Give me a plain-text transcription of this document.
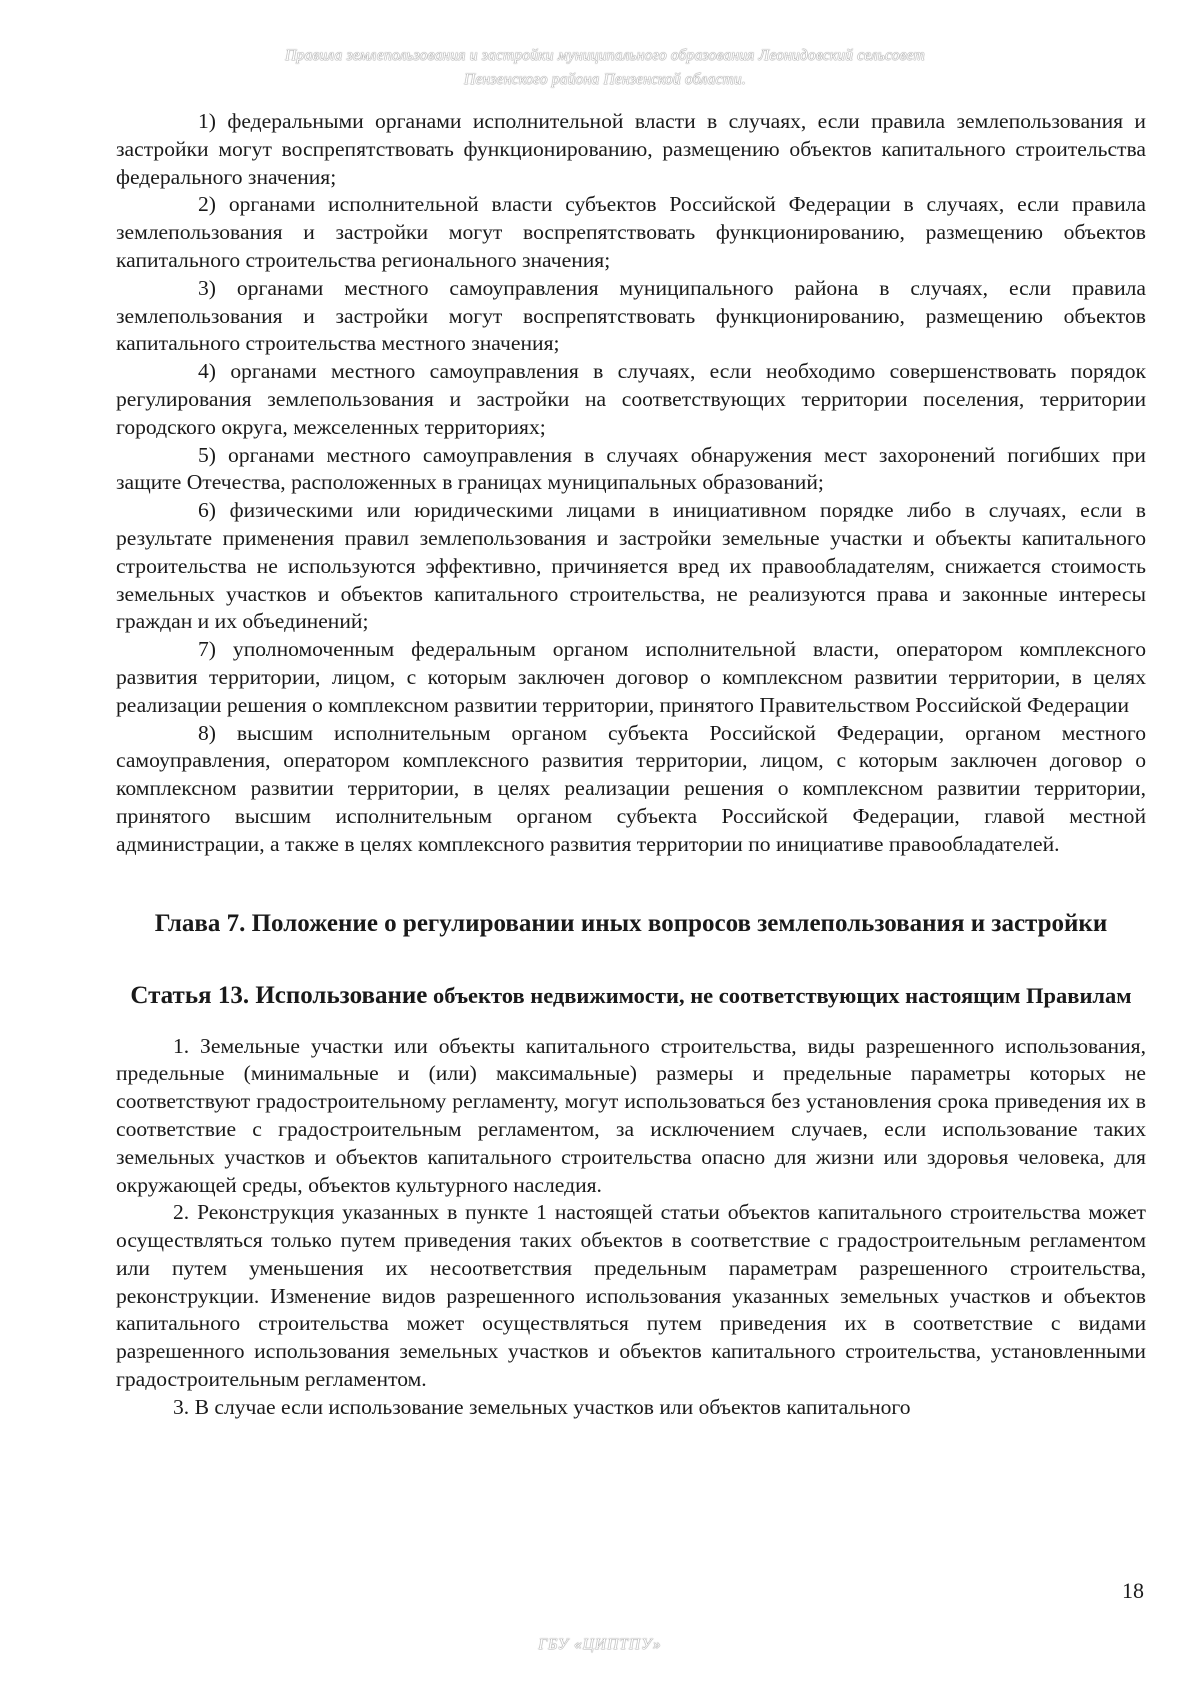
Правила землепользования и застройки муниципального образования Леонидовский сельсовет
Пензенского района Пензенской области.

1) федеральными органами исполнительной власти в случаях, если правила землепользования и застройки могут воспрепятствовать функционированию, размещению объектов капитального строительства федерального значения;

2) органами исполнительной власти субъектов Российской Федерации в случаях, если правила землепользования и застройки могут воспрепятствовать функционированию, размещению объектов капитального строительства регионального значения;

3) органами местного самоуправления муниципального района в случаях, если правила землепользования и застройки могут воспрепятствовать функционированию, размещению объектов капитального строительства местного значения;

4) органами местного самоуправления в случаях, если необходимо совершенствовать порядок регулирования землепользования и застройки на соответствующих территории поселения, территории городского округа, межселенных территориях;

5) органами местного самоуправления в случаях обнаружения мест захоронений погибших при защите Отечества, расположенных в границах муниципальных образований;

6) физическими или юридическими лицами в инициативном порядке либо в случаях, если в результате применения правил землепользования и застройки земельные участки и объекты капитального строительства не используются эффективно, причиняется вред их правообладателям, снижается стоимость земельных участков и объектов капитального строительства, не реализуются права и законные интересы граждан и их объединений;

7) уполномоченным федеральным органом исполнительной власти, оператором комплексного развития территории, лицом, с которым заключен договор о комплексном развитии территории, в целях реализации решения о комплексном развитии территории, принятого Правительством Российской Федерации

8) высшим исполнительным органом субъекта Российской Федерации, органом местного самоуправления, оператором комплексного развития территории, лицом, с которым заключен договор о комплексном развитии территории, в целях реализации решения о комплексном развитии территории, принятого высшим исполнительным органом субъекта Российской Федерации, главой местной администрации, а также в целях комплексного развития территории по инициативе правообладателей.

Глава 7. Положение о регулировании иных вопросов землепользования и застройки
Статья 13. Использование объектов недвижимости, не соответствующих настоящим Правилам

1. Земельные участки или объекты капитального строительства, виды разрешенного использования, предельные (минимальные и (или) максимальные) размеры и предельные параметры которых не соответствуют градостроительному регламенту, могут использоваться без установления срока приведения их в соответствие с градостроительным регламентом, за исключением случаев, если использование таких земельных участков и объектов капитального строительства опасно для жизни или здоровья человека, для окружающей среды, объектов культурного наследия.

2. Реконструкция указанных в пункте 1 настоящей статьи объектов капитального строительства может осуществляться только путем приведения таких объектов в соответствие с градостроительным регламентом или путем уменьшения их несоответствия предельным параметрам разрешенного строительства, реконструкции. Изменение видов разрешенного использования указанных земельных участков и объектов капитального строительства может осуществляться путем приведения их в соответствие с видами разрешенного использования земельных участков и объектов капитального строительства, установленными градостроительным регламентом.

3. В случае если использование земельных участков или объектов капитального

18
ГБУ «ЦИПТПУ»
